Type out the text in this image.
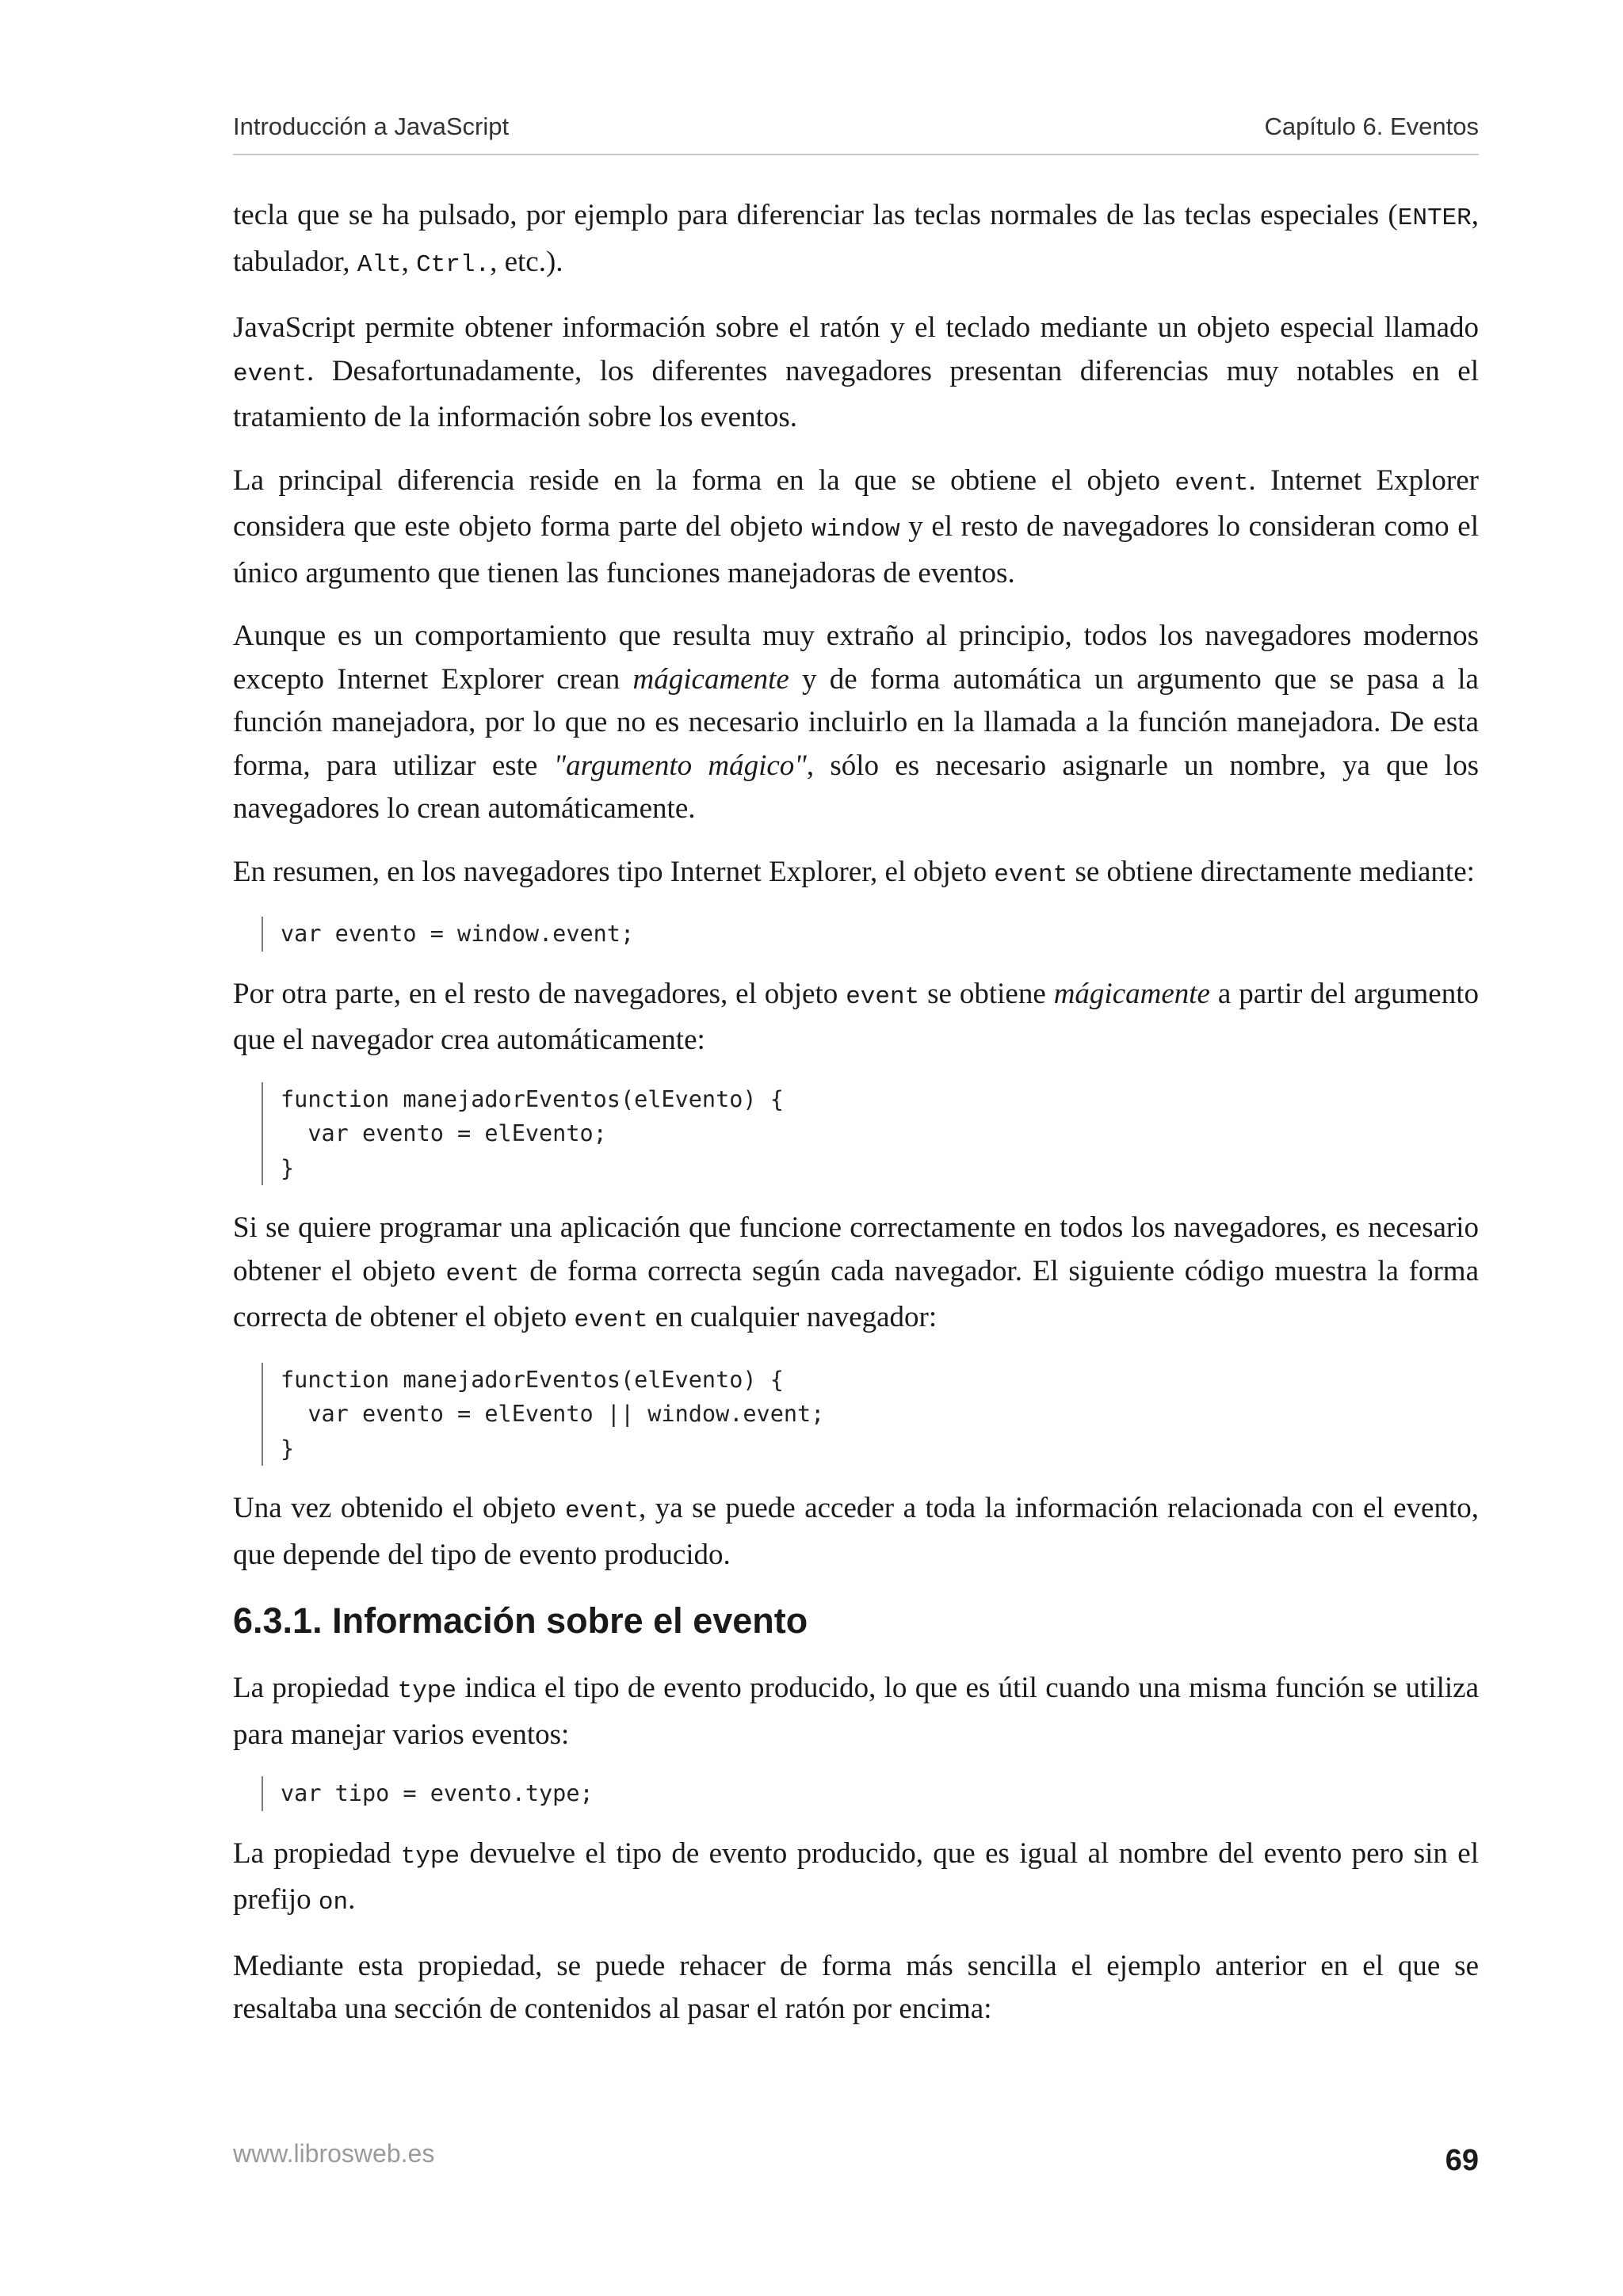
Introducción a JavaScript	Capítulo 6. Eventos

tecla que se ha pulsado, por ejemplo para diferenciar las teclas normales de las teclas especiales (ENTER, tabulador, Alt, Ctrl., etc.).

JavaScript permite obtener información sobre el ratón y el teclado mediante un objeto especial llamado event. Desafortunadamente, los diferentes navegadores presentan diferencias muy notables en el tratamiento de la información sobre los eventos.

La principal diferencia reside en la forma en la que se obtiene el objeto event. Internet Explorer considera que este objeto forma parte del objeto window y el resto de navegadores lo consideran como el único argumento que tienen las funciones manejadoras de eventos.

Aunque es un comportamiento que resulta muy extraño al principio, todos los navegadores modernos excepto Internet Explorer crean mágicamente y de forma automática un argumento que se pasa a la función manejadora, por lo que no es necesario incluirlo en la llamada a la función manejadora. De esta forma, para utilizar este "argumento mágico", sólo es necesario asignarle un nombre, ya que los navegadores lo crean automáticamente.

En resumen, en los navegadores tipo Internet Explorer, el objeto event se obtiene directamente mediante:

var evento = window.event;

Por otra parte, en el resto de navegadores, el objeto event se obtiene mágicamente a partir del argumento que el navegador crea automáticamente:

function manejadorEventos(elEvento) {
var evento = elEvento;
}

Si se quiere programar una aplicación que funcione correctamente en todos los navegadores, es necesario obtener el objeto event de forma correcta según cada navegador. El siguiente código muestra la forma correcta de obtener el objeto event en cualquier navegador:

function manejadorEventos(elEvento) {
var evento = elEvento || window.event;
}

Una vez obtenido el objeto event, ya se puede acceder a toda la información relacionada con el evento, que depende del tipo de evento producido.

6.3.1. Información sobre el evento

La propiedad type indica el tipo de evento producido, lo que es útil cuando una misma función se utiliza para manejar varios eventos:

var tipo = evento.type;

La propiedad type devuelve el tipo de evento producido, que es igual al nombre del evento pero sin el prefijo on.

Mediante esta propiedad, se puede rehacer de forma más sencilla el ejemplo anterior en el que se resaltaba una sección de contenidos al pasar el ratón por encima:

www.librosweb.es	69
